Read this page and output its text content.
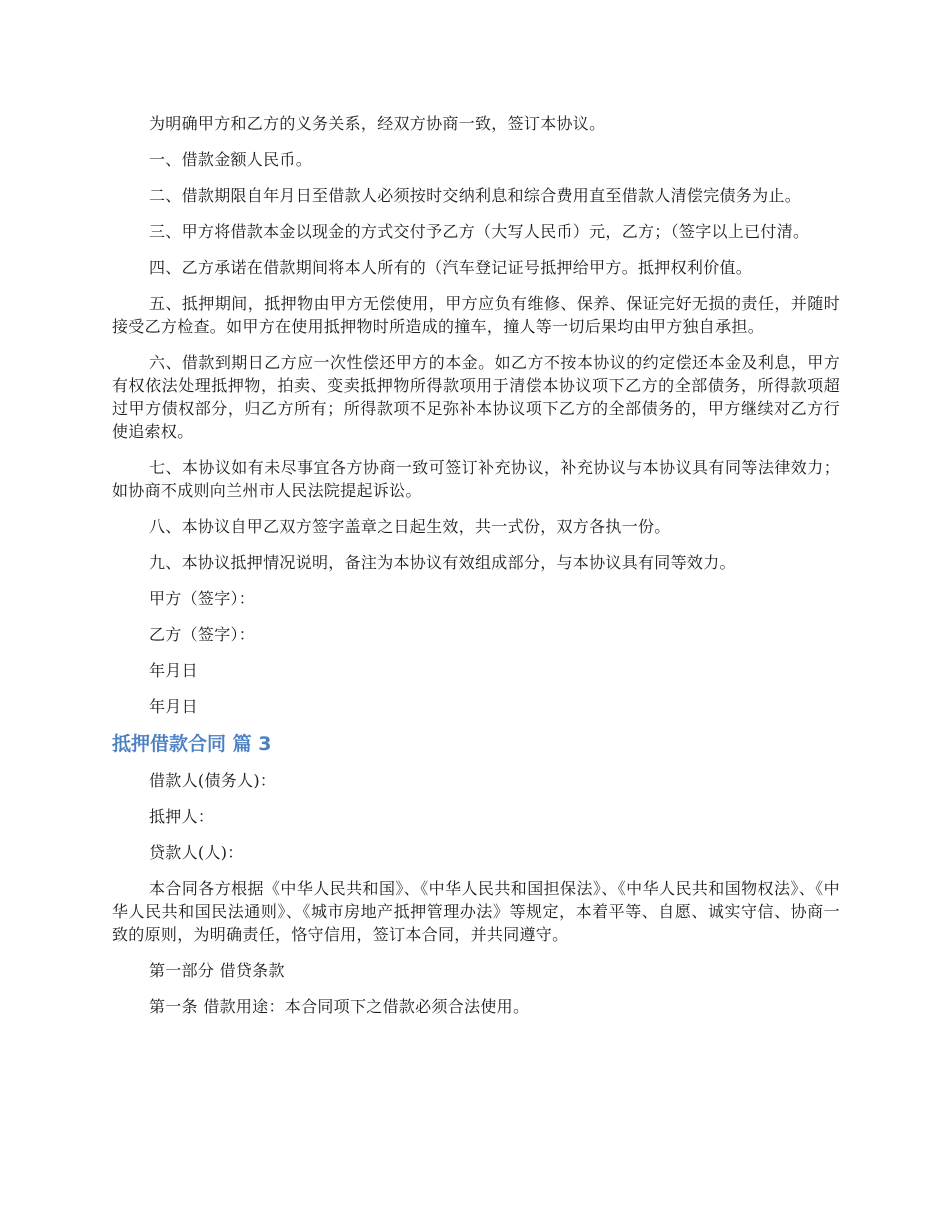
为明确甲方和乙方的义务关系，经双方协商一致，签订本协议。

一、借款金额人民币。

二、借款期限自年月日至借款人必须按时交纳利息和综合费用直至借款人清偿完债务为止。

三、甲方将借款本金以现金的方式交付予乙方（大写人民币）元，乙方；（签字以上已付清。

四、乙方承诺在借款期间将本人所有的（汽车登记证号抵押给甲方。抵押权利价值。

五、抵押期间，抵押物由甲方无偿使用，甲方应负有维修、保养、保证完好无损的责任，并随时接受乙方检查。如甲方在使用抵押物时所造成的撞车，撞人等一切后果均由甲方独自承担。

六、借款到期日乙方应一次性偿还甲方的本金。如乙方不按本协议的约定偿还本金及利息，甲方有权依法处理抵押物，拍卖、变卖抵押物所得款项用于清偿本协议项下乙方的全部债务，所得款项超过甲方债权部分，归乙方所有；所得款项不足弥补本协议项下乙方的全部债务的，甲方继续对乙方行使追索权。

七、本协议如有未尽事宜各方协商一致可签订补充协议，补充协议与本协议具有同等法律效力；如协商不成则向兰州市人民法院提起诉讼。

八、本协议自甲乙双方签字盖章之日起生效，共一式份，双方各执一份。

九、本协议抵押情况说明，备注为本协议有效组成部分，与本协议具有同等效力。

甲方（签字）：

乙方（签字）：

年月日

年月日

抵押借款合同 篇 3

借款人(债务人)：

抵押人：

贷款人(人)：

本合同各方根据《中华人民共和国》、《中华人民共和国担保法》、《中华人民共和国物权法》、《中华人民共和国民法通则》、《城市房地产抵押管理办法》等规定，本着平等、自愿、诚实守信、协商一致的原则，为明确责任，恪守信用，签订本合同，并共同遵守。

第一部分 借贷条款

第一条 借款用途：本合同项下之借款必须合法使用。
